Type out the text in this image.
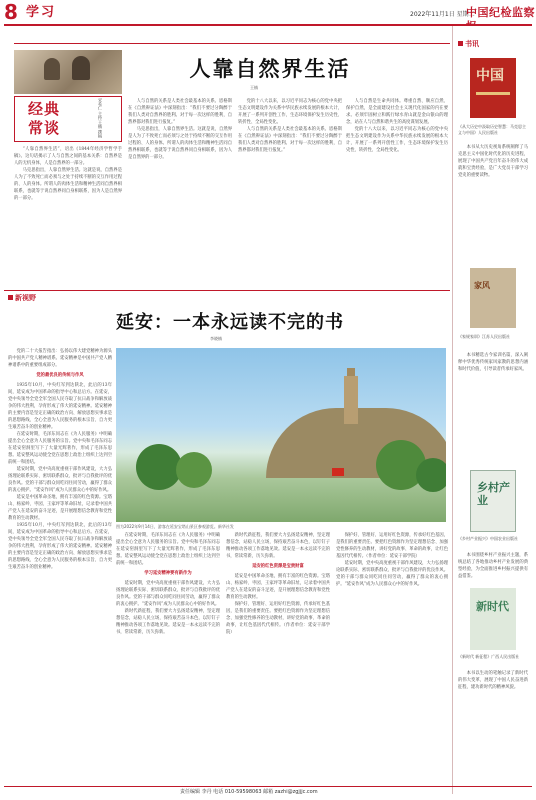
8 学习	2022年11月1日 星期二
中国纪检监察
经典
常谈	宋希仁 主持 王楠 撰稿
人靠自然界生活
王楠

“人靠自然界生活”，语出《1844年经济学哲学手稿》。这句话揭示了人与自然之间的基本关系：自然界是人的无机身体，人是自然界的一部分。

马克思指出，人靠自然界生活。这就是说，自然界是人为了不致死亡而必须与之处于持续不断的交互作用过程的、人的身体。所谓人的肉体生活和精神生活同自然界相联系，也就等于说自然界同自身相联系，因为人是自然界的一部分。

人与自然的关系是人类社会最基本的关系。恩格斯在《自然辩证法》中深刻指出：“我们不要过分陶醉于我们人类对自然界的胜利。对于每一次这样的胜利，自然界都对我们进行报复。”

马克思指出，人靠自然界生活。这就是说，自然界是人为了不致死亡而必须与之处于持续不断的交互作用过程的、人的身体。所谓人的肉体生活和精神生活同自然界相联系，也就等于说自然界同自身相联系，因为人是自然界的一部分。

党的十八大以来，以习近平同志为核心的党中央把生态文明建设作为关系中华民族永续发展的根本大计，开展了一系列开创性工作，生态环境保护发生历史性、转折性、全局性变化。

人与自然的关系是人类社会最基本的关系。恩格斯在《自然辩证法》中深刻指出：“我们不要过分陶醉于我们人类对自然界的胜利。对于每一次这样的胜利，自然界都对我们进行报复。”

人与自然是生命共同体。尊重自然、顺应自然、保护自然，是全面建设社会主义现代化国家的内在要求。必须牢固树立和践行绿水青山就是金山银山的理念，站在人与自然和谐共生的高度谋划发展。

党的十八大以来，以习近平同志为核心的党中央把生态文明建设作为关系中华民族永续发展的根本大计，开展了一系列开创性工作，生态环境保护发生历史性、转折性、全局性变化。

书讯
中国
《从大历史中汲取历史智慧：马克思主义与中国》人民出版社

本书从大历史视角系统阐释了马克思主义中国化时代化的历史进程，展现了中国共产党百年奋斗的伟大成就和宝贵经验，是广大党员干部学习党史的重要读物。

家风
《家规家训》江苏人民出版社

本书精选古今家训名篇，深入阐释中华优秀传统家风家教的思想内涵和时代价值，引导读者传承好家风。

乡村产业
《乡村产业振兴》中国农业出版社

本书围绕乡村产业振兴主题，系统总结了各地推动乡村产业发展的典型经验，为全面推进乡村振兴提供有益借鉴。

新时代
《新时代 新征程》广西人民出版社

本书以生动的笔触记录了新时代的伟大变革，展现了中国人民奋进新征程、建功新时代的精神风貌。

新视野
延安：一本永远读不完的书
李晓楠

党的二十大报告指出：弘扬以伟大建党精神为源头的中国共产党人精神谱系。延安精神是中国共产党人精神谱系中的重要组成部分。

党的最优良的传统与作风

1935年10月，中央红军到达陕北，此后的13年间，延安成为中国革命的指导中心和总后方。在延安，党中央领导全党全军全国人民夺取了抗日战争和解放战争的伟大胜利，孕育形成了伟大的延安精神。延安精神的主要内容是坚定正确的政治方向、解放思想实事求是的思想路线、全心全意为人民服务的根本宗旨、自力更生艰苦奋斗的创业精神。

在延安时期，毛泽东同志在《为人民服务》中明确提出全心全意为人民服务的宗旨。党中央和毛泽东同志在延安窑洞里写下了大量光辉著作，形成了毛泽东思想。延安整风运动使全党在思想上政治上组织上达到空前统一和团结。

延安时期，党中央高度重视干部作风建设，大力弘扬理论联系实际、密切联系群众、批评与自我批评的优良作风。党的干部与群众同吃同住同劳动，赢得了群众的衷心拥护。“延安作风”成为人民群众心中的好作风。

延安是中国革命圣地，拥有丰富的红色资源。宝塔山、杨家岭、枣园、王家坪等革命旧址，记录着中国共产党人在延安的奋斗足迹，是开展理想信念教育和党性教育的生动教材。

1935年10月，中央红军到达陕北，此后的13年间，延安成为中国革命的指导中心和总后方。在延安，党中央领导全党全军全国人民夺取了抗日战争和解放战争的伟大胜利，孕育形成了伟大的延安精神。延安精神的主要内容是坚定正确的政治方向、解放思想实事求是的思想路线、全心全意为人民服务的根本宗旨、自力更生艰苦奋斗的创业精神。

图为2022年9月14日，游客在延安宝塔山景区参观游览。新华社发

在延安时期，毛泽东同志在《为人民服务》中明确提出全心全意为人民服务的宗旨。党中央和毛泽东同志在延安窑洞里写下了大量光辉著作，形成了毛泽东思想。延安整风运动使全党在思想上政治上组织上达到空前统一和团结。

学习延安精神要有新作为

延安时期，党中央高度重视干部作风建设，大力弘扬理论联系实际、密切联系群众、批评与自我批评的优良作风。党的干部与群众同吃同住同劳动，赢得了群众的衷心拥护。“延安作风”成为人民群众心中的好作风。

新时代新征程，我们要大力弘扬延安精神，坚定理想信念，站稳人民立场，保持艰苦奋斗本色，以钉钉子精神推动各项工作落地见效。延安是一本永远读不完的书，常读常新，历久弥新。

新时代新征程，我们要大力弘扬延安精神，坚定理想信念，站稳人民立场，保持艰苦奋斗本色，以钉钉子精神推动各项工作落地见效。延安是一本永远读不完的书，常读常新，历久弥新。

延安的红色资源是宝贵财富

延安是中国革命圣地，拥有丰富的红色资源。宝塔山、杨家岭、枣园、王家坪等革命旧址，记录着中国共产党人在延安的奋斗足迹，是开展理想信念教育和党性教育的生动教材。

保护好、管理好、运用好红色资源，传承好红色基因，是我们的重要责任。要把红色资源作为坚定理想信念、加强党性修养的生动教材，讲好党的故事、革命的故事，让红色基因代代相传。（作者单位：延安干部学院）

保护好、管理好、运用好红色资源，传承好红色基因，是我们的重要责任。要把红色资源作为坚定理想信念、加强党性修养的生动教材，讲好党的故事、革命的故事，让红色基因代代相传。（作者单位：延安干部学院）

延安时期，党中央高度重视干部作风建设，大力弘扬理论联系实际、密切联系群众、批评与自我批评的优良作风。党的干部与群众同吃同住同劳动，赢得了群众的衷心拥护。“延安作风”成为人民群众心中的好作风。

责任编辑 李丹 电话 010-59598063 邮箱 zazhi@zgjjjc.com
